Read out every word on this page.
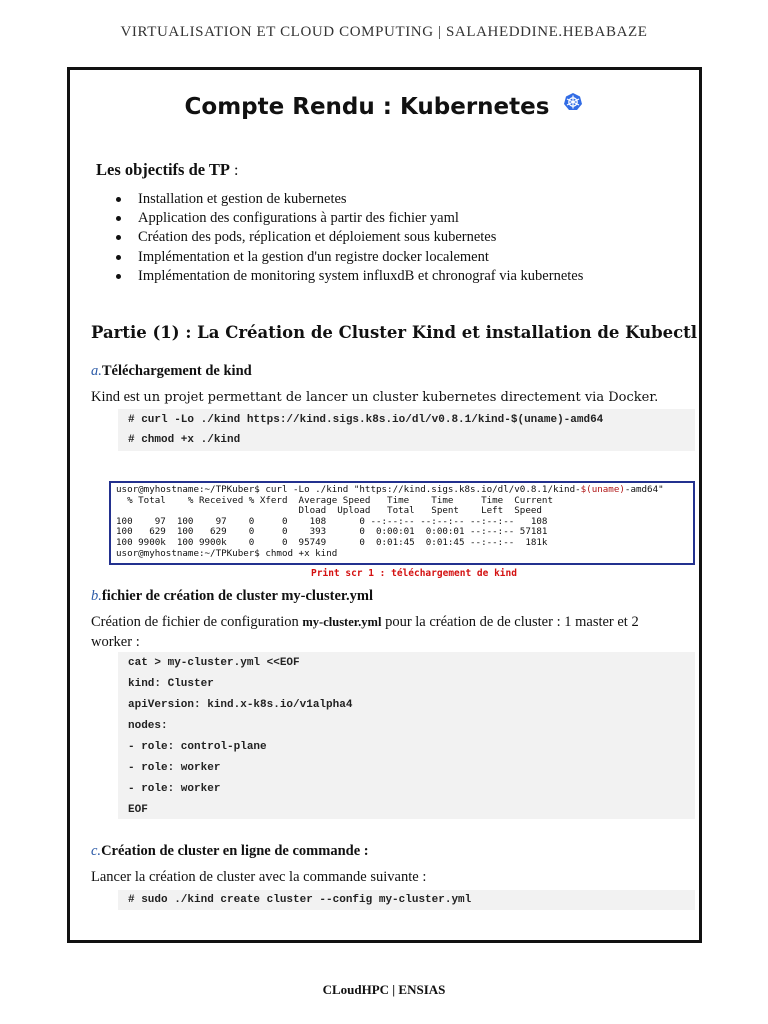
VIRTUALISATION ET CLOUD COMPUTING | SALAHEDDINE.HEBABAZE
Compte Rendu : Kubernetes
Les objectifs de TP :
Installation et gestion de kubernetes
Application des configurations à partir des fichier yaml
Création des pods, réplication et déploiement sous kubernetes
Implémentation et la gestion d'un registre docker localement
Implémentation de monitoring system influxdB et chronograf via kubernetes
Partie (1) : La Création de Cluster Kind et installation de Kubectl
a.Téléchargement de kind
Kind est un projet permettant de lancer un cluster kubernetes directement via Docker.
# curl -Lo ./kind https://kind.sigs.k8s.io/dl/v0.8.1/kind-$(uname)-amd64
# chmod +x ./kind
usor@myhostname:~/TPKuber$ curl -Lo ./kind "https://kind.sigs.k8s.io/dl/v0.8.1/kind-$(uname)-amd64"
% Total    % Received % Xferd  Average Speed   Time    Time     Time  Current
Dload  Upload   Total   Spent    Left  Speed
100    97  100    97    0     0    108      0 --:--:-- --:--:-- --:--:--   108
100   629  100   629    0     0    393      0  0:00:01  0:00:01 --:--:-- 57181
100 9900k  100 9900k    0     0  95749      0  0:01:45  0:01:45 --:--:--  181k
usor@myhostname:~/TPKuber$ chmod +x kind
Print scr 1 : téléchargement de kind
b.fichier de création de cluster my-cluster.yml
Création de fichier de configuration my-cluster.yml pour la création de de cluster : 1 master et 2 worker :
cat > my-cluster.yml <<EOF
kind: Cluster
apiVersion: kind.x-k8s.io/v1alpha4
nodes:
- role: control-plane
- role: worker
- role: worker
EOF
c.Création de cluster en ligne de commande :
Lancer la création de cluster avec la commande suivante :
# sudo ./kind create cluster --config my-cluster.yml
CLoudHPC | ENSIAS
